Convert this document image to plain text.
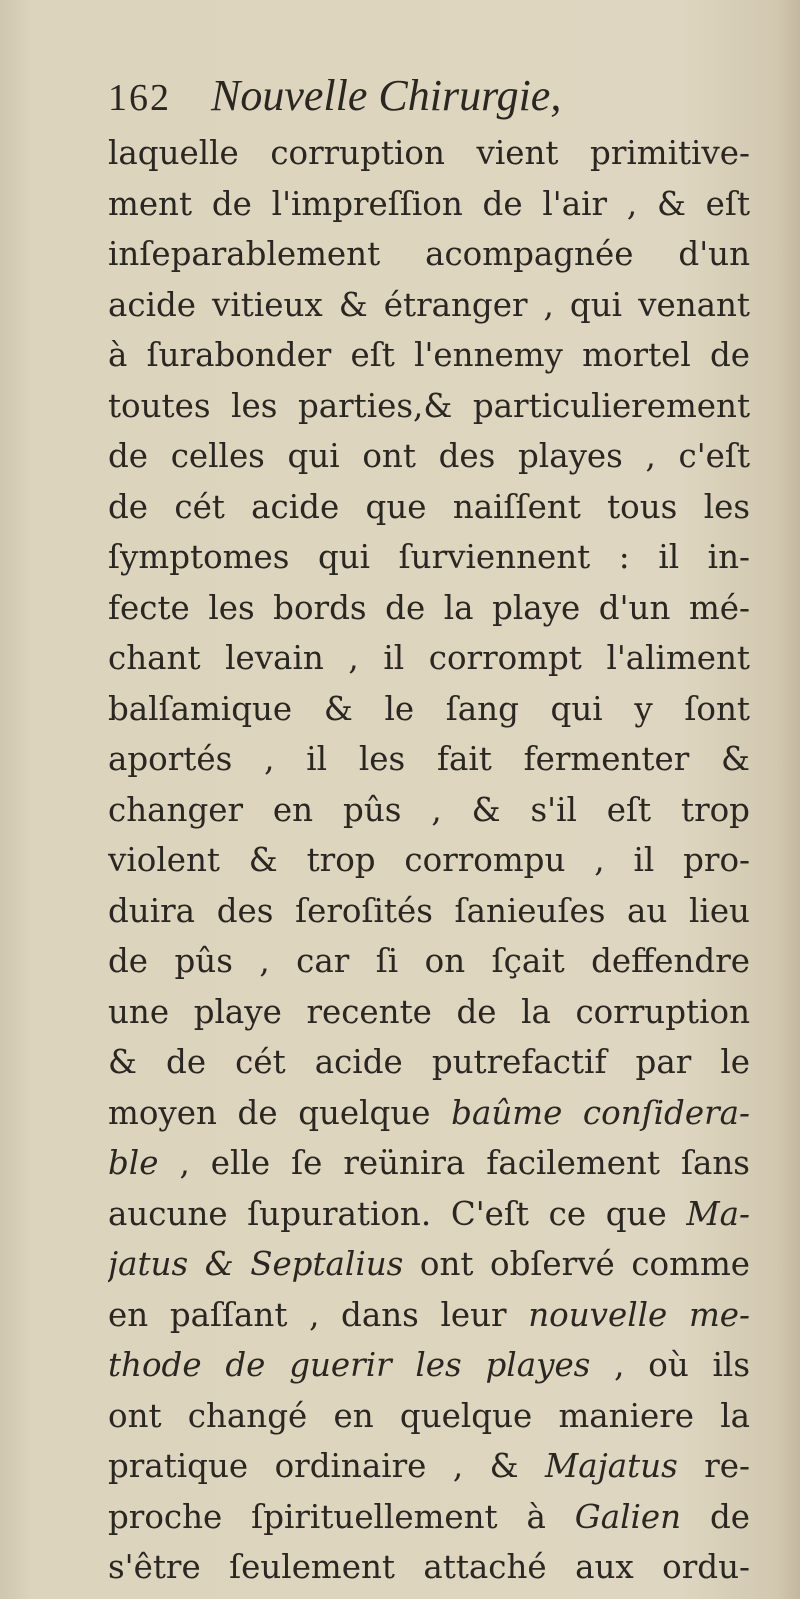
162 Nouvelle Chirurgie,
laquelle corruption vient primitive-
ment de l'impreſſion de l'air , & eſt
inſeparablement acompagnée d'un
acide vitieux & étranger , qui venant
à ſurabonder eſt l'ennemy mortel de
toutes les parties,& particulierement
de celles qui ont des playes , c'eſt
de cét acide que naiſſent tous les
ſymptomes qui ſurviennent : il in-
fecte les bords de la playe d'un mé-
chant levain , il corrompt l'aliment
balſamique & le ſang qui y ſont
aportés , il les fait fermenter &
changer en pûs , & s'il eſt trop
violent & trop corrompu , il pro-
duira des ſeroſités ſanieuſes au lieu
de pûs , car ſi on ſçait deffendre
une playe recente de la corruption
& de cét acide putrefactif par le
moyen de quelque baûme conſidera-
ble , elle ſe reünira facilement ſans
aucune ſupuration. C'eſt ce que Ma-
jatus & Septalius ont obſervé comme
en paſſant , dans leur nouvelle me-
thode de guerir les playes , où ils
ont changé en quelque maniere la
pratique ordinaire , & Majatus re-
proche ſpirituellement à Galien de
s'être ſeulement attaché aux ordu-
